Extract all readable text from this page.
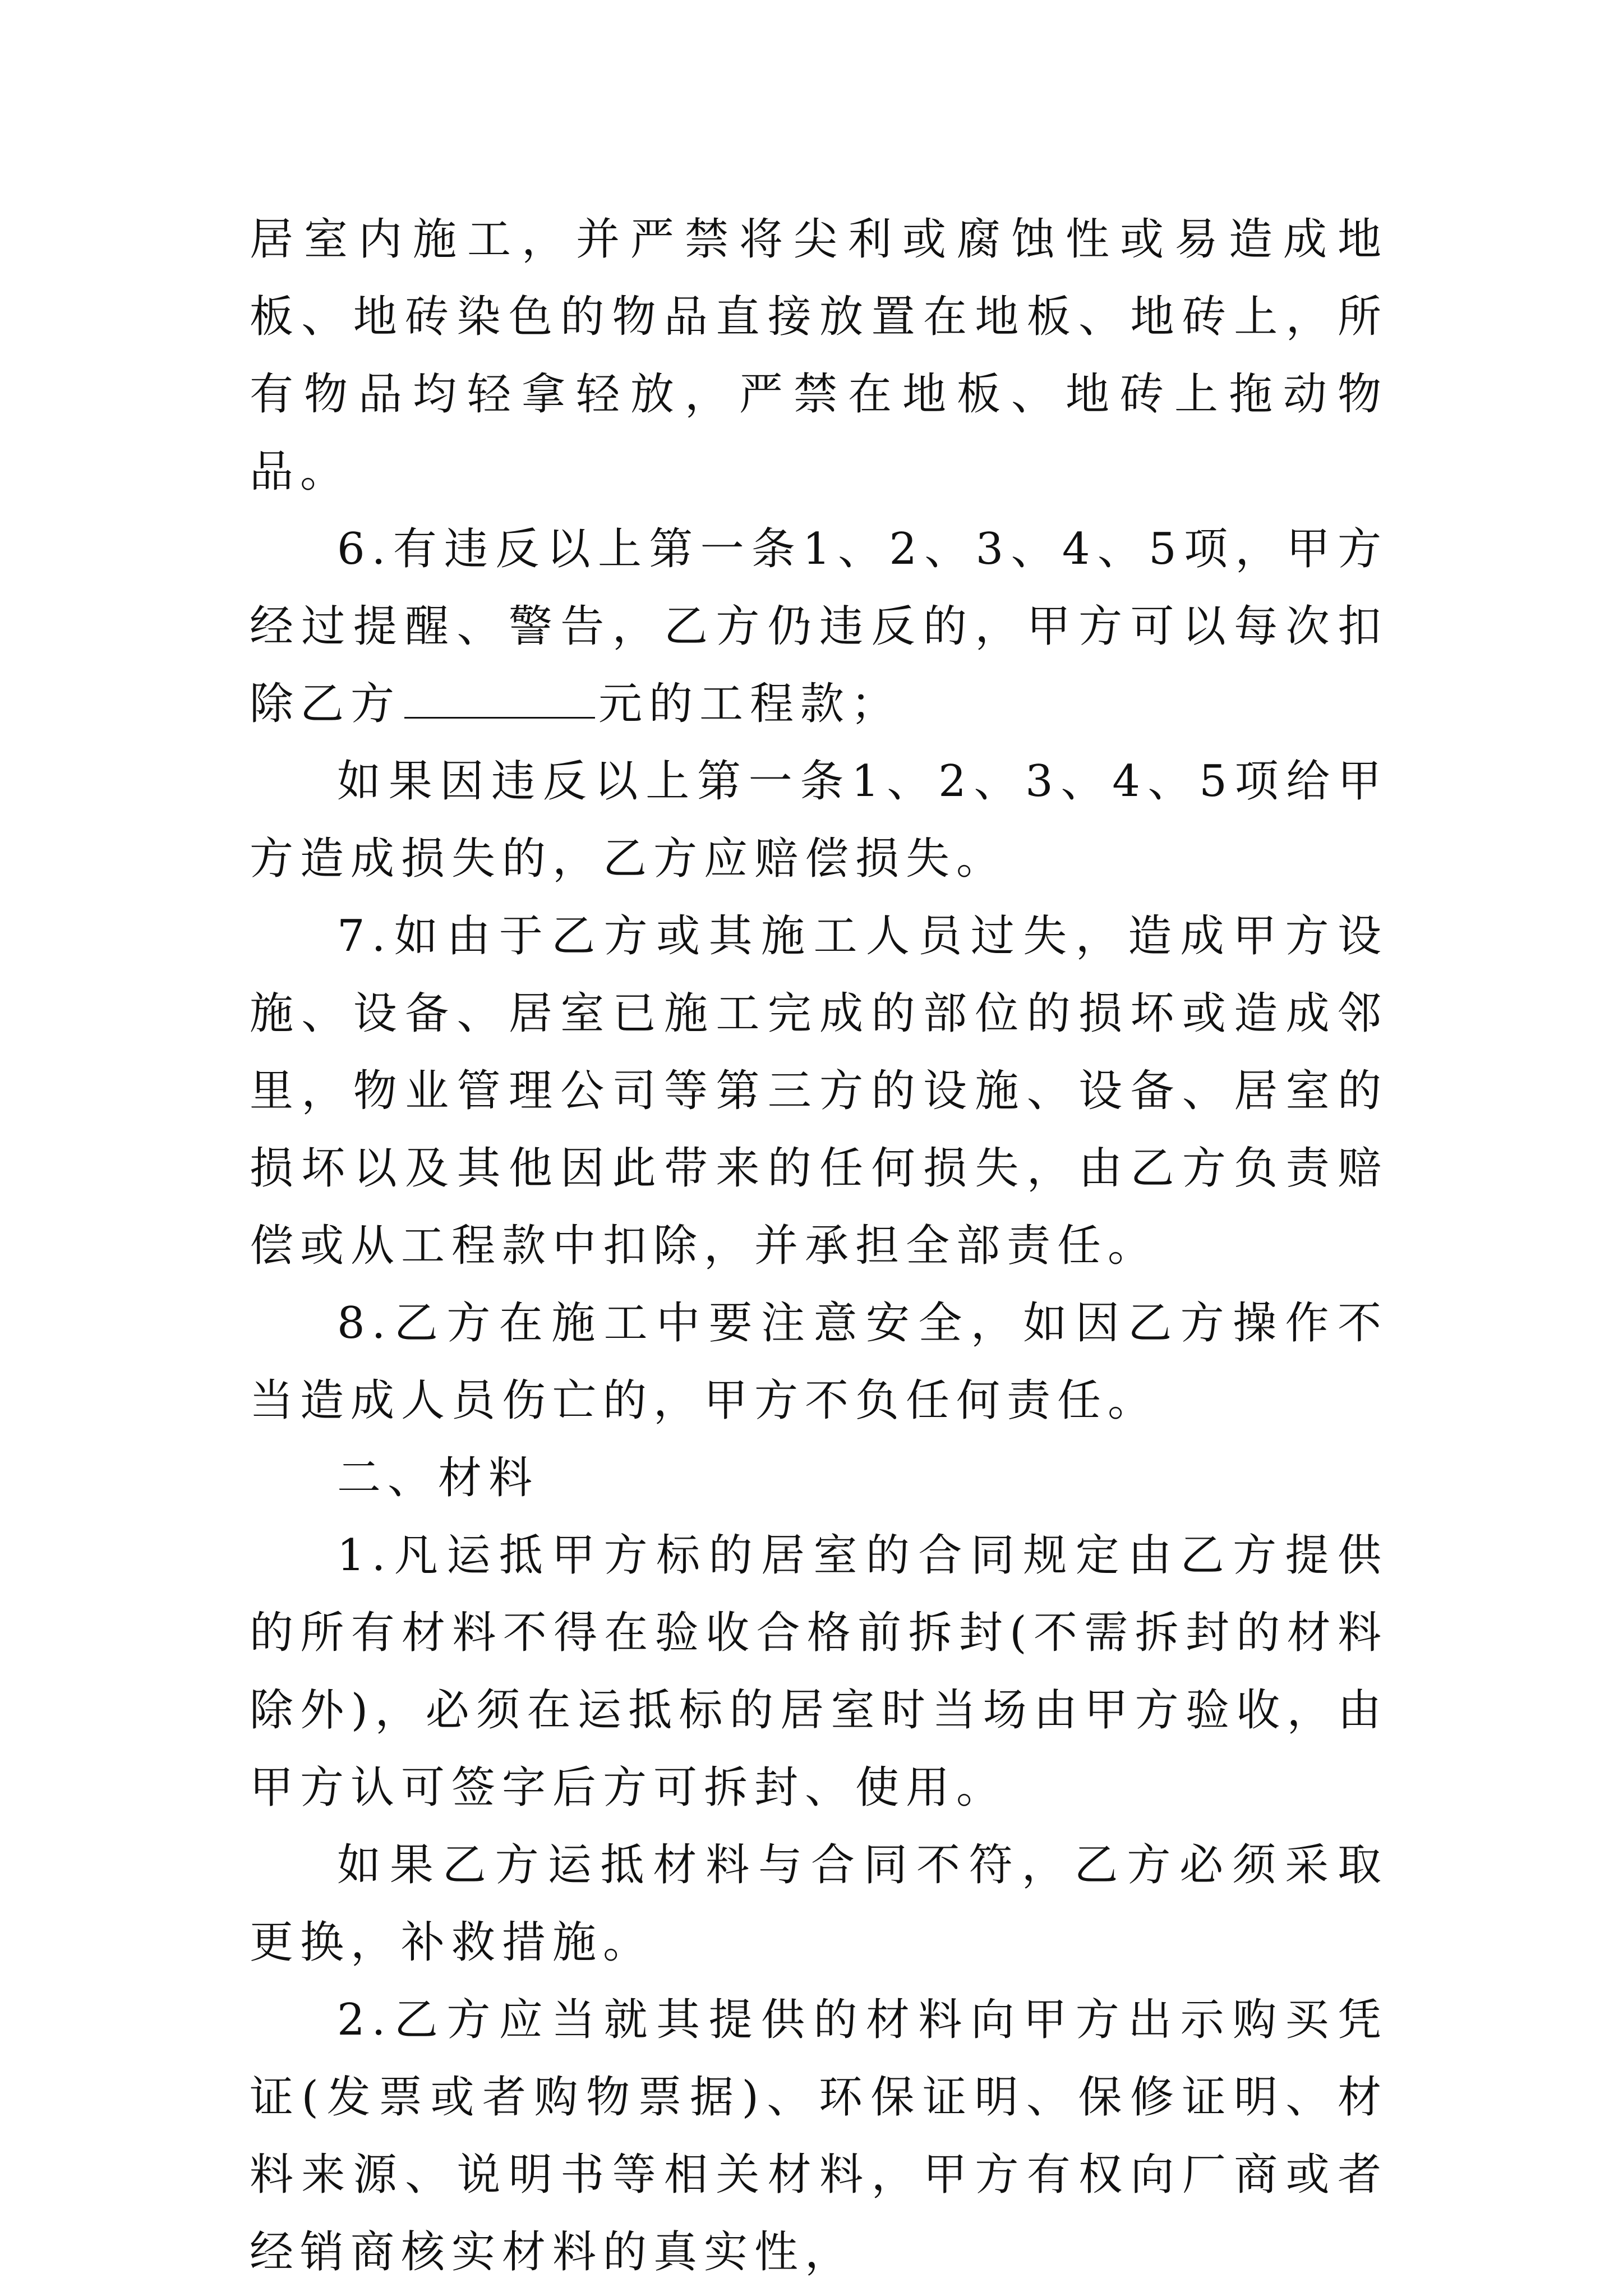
居室内施工，并严禁将尖利或腐蚀性或易造成地板、地砖染色的物品直接放置在地板、地砖上，所有物品均轻拿轻放，严禁在地板、地砖上拖动物品。

6.有违反以上第一条1、2、3、4、5项，甲方经过提醒、警告，乙方仍违反的，甲方可以每次扣除乙方	元的工程款；

如果因违反以上第一条1、2、3、4、5项给甲方造成损失的，乙方应赔偿损失。

7.如由于乙方或其施工人员过失，造成甲方设施、设备、居室已施工完成的部位的损坏或造成邻里，物业管理公司等第三方的设施、设备、居室的损坏以及其他因此带来的任何损失，由乙方负责赔偿或从工程款中扣除，并承担全部责任。

8.乙方在施工中要注意安全，如因乙方操作不当造成人员伤亡的，甲方不负任何责任。

二、材料

1.凡运抵甲方标的居室的合同规定由乙方提供的所有材料不得在验收合格前拆封(不需拆封的材料除外)，必须在运抵标的居室时当场由甲方验收，由甲方认可签字后方可拆封、使用。

如果乙方运抵材料与合同不符，乙方必须采取更换，补救措施。

2.乙方应当就其提供的材料向甲方出示购买凭证(发票或者购物票据)、环保证明、保修证明、材料来源、说明书等相关材料，甲方有权向厂商或者经销商核实材料的真实性，
